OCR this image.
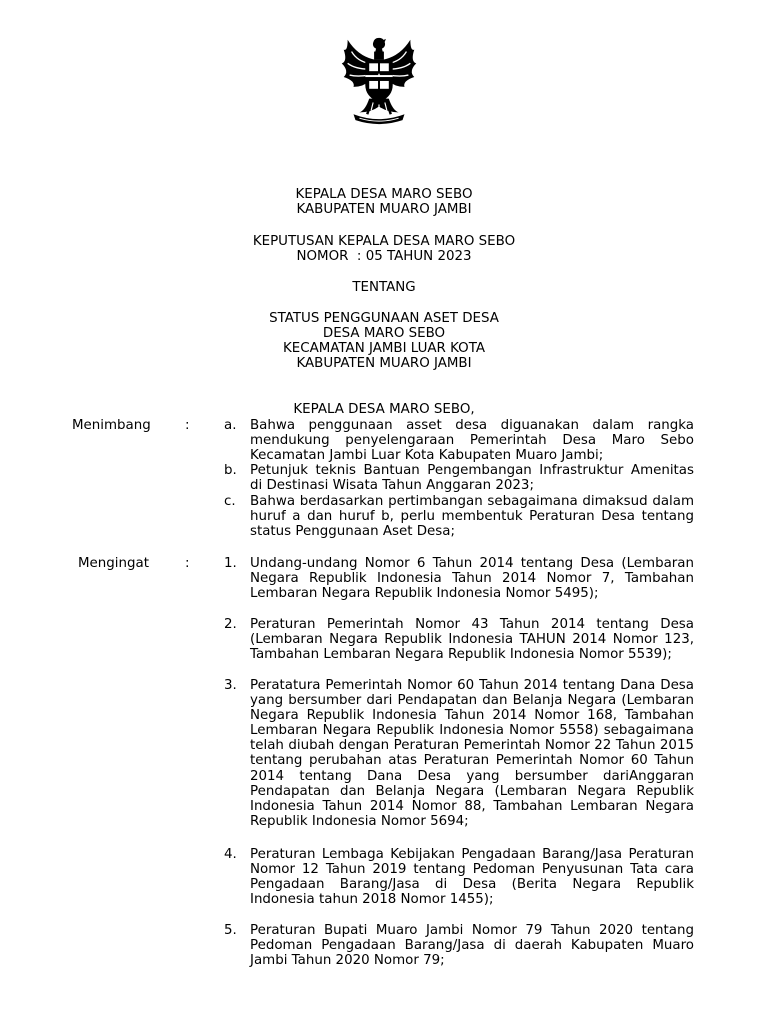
KEPALA DESA MARO SEBO
KABUPATEN MUARO JAMBI
KEPUTUSAN KEPALA DESA MARO SEBO
NOMOR  : 05 TAHUN 2023
TENTANG
STATUS PENGGUNAAN ASET DESA
DESA MARO SEBO
KECAMATAN JAMBI LUAR KOTA
KABUPATEN MUARO JAMBI
KEPALA DESA MARO SEBO,
Menimbang	:	a.	Bahwa penggunaan asset desa diguanakan dalam rangka mendukung penyelengaraan Pemerintah Desa Maro Sebo Kecamatan Jambi Luar Kota Kabupaten Muaro Jambi;
b. Petunjuk teknis Bantuan Pengembangan Infrastruktur Amenitas di Destinasi Wisata Tahun Anggaran 2023;
c.	Bahwa berdasarkan pertimbangan sebagaimana dimaksud dalam huruf a dan huruf b, perlu membentuk Peraturan Desa tentang status Penggunaan Aset Desa;
Mengingat	:	1. Undang-undang Nomor 6 Tahun 2014 tentang Desa (Lembaran Negara Republik Indonesia Tahun 2014 Nomor 7, Tambahan Lembaran Negara Republik Indonesia Nomor 5495);
2. Peraturan Pemerintah Nomor 43 Tahun 2014 tentang Desa (Lembaran Negara Republik Indonesia TAHUN 2014 Nomor 123, Tambahan Lembaran Negara Republik Indonesia Nomor 5539);
3. Peratatura Pemerintah Nomor 60 Tahun 2014 tentang Dana Desa yang bersumber dari Pendapatan dan Belanja Negara (Lembaran Negara Republik Indonesia Tahun 2014 Nomor 168, Tambahan Lembaran Negara Republik Indonesia Nomor 5558) sebagaimana telah diubah dengan Peraturan Pemerintah Nomor 22 Tahun 2015 tentang perubahan atas Peraturan Pemerintah Nomor 60 Tahun 2014 tentang Dana Desa yang bersumber dariAnggaran Pendapatan dan Belanja Negara (Lembaran Negara Republik Indonesia Tahun 2014 Nomor 88, Tambahan Lembaran Negara Republik Indonesia Nomor 5694;
4. Peraturan Lembaga Kebijakan Pengadaan Barang/Jasa Peraturan Nomor 12 Tahun 2019 tentang Pedoman Penyusunan Tata cara Pengadaan Barang/Jasa di Desa (Berita Negara Republik Indonesia tahun 2018 Nomor 1455);
5. Peraturan Bupati Muaro Jambi Nomor 79 Tahun 2020 tentang Pedoman Pengadaan Barang/Jasa di daerah Kabupaten Muaro Jambi Tahun 2020 Nomor 79;
